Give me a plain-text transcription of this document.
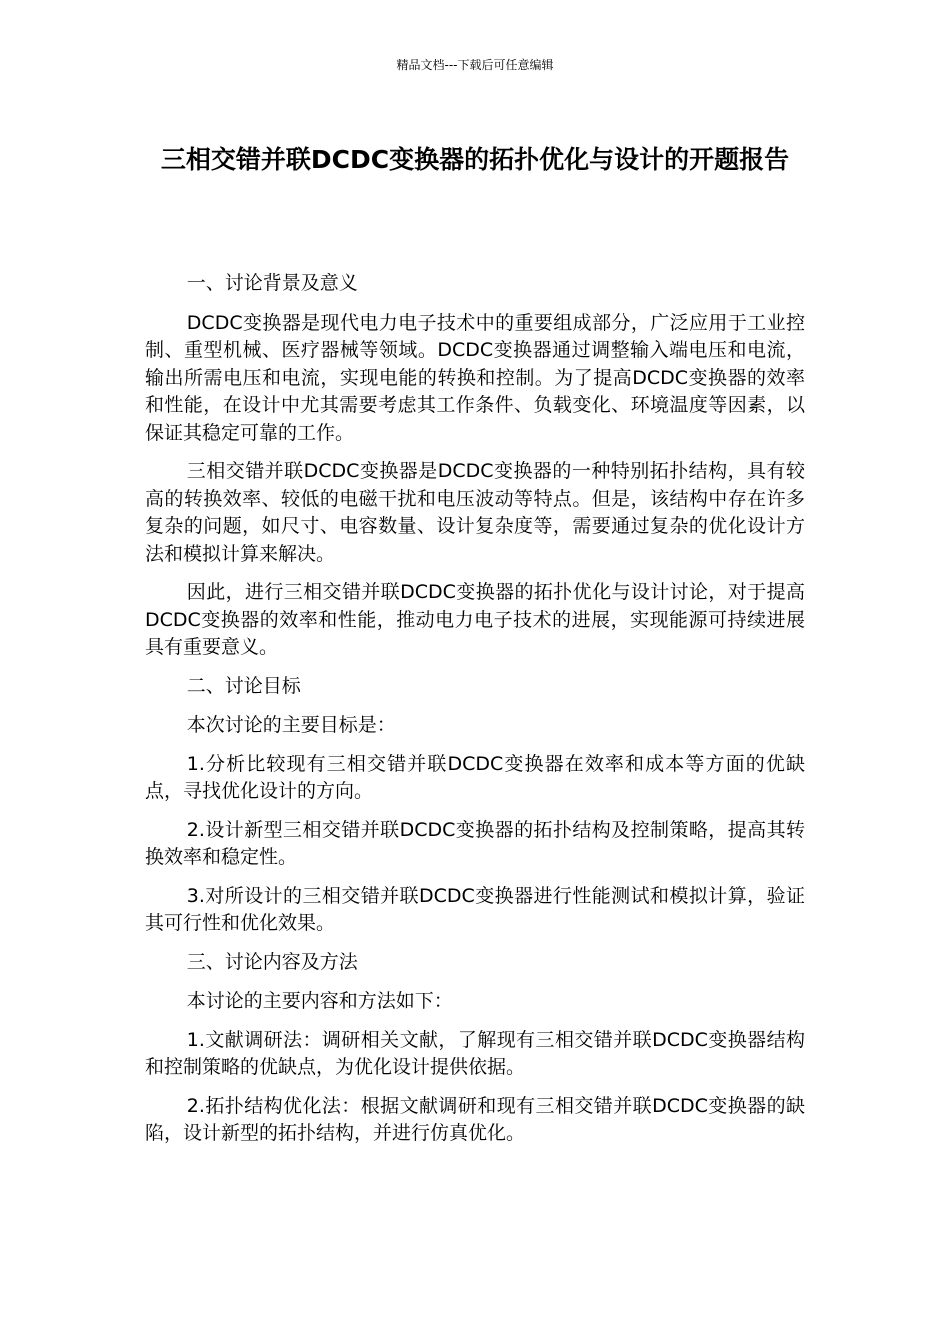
精品文档---下载后可任意编辑
三相交错并联DCDC变换器的拓扑优化与设计的开题报告

一、讨论背景及意义

DCDC变换器是现代电力电子技术中的重要组成部分，广泛应用于工业控制、重型机械、医疗器械等领域。DCDC变换器通过调整输入端电压和电流，输出所需电压和电流，实现电能的转换和控制。为了提高DCDC变换器的效率和性能，在设计中尤其需要考虑其工作条件、负载变化、环境温度等因素，以保证其稳定可靠的工作。

三相交错并联DCDC变换器是DCDC变换器的一种特别拓扑结构，具有较高的转换效率、较低的电磁干扰和电压波动等特点。但是，该结构中存在许多复杂的问题，如尺寸、电容数量、设计复杂度等，需要通过复杂的优化设计方法和模拟计算来解决。

因此，进行三相交错并联DCDC变换器的拓扑优化与设计讨论，对于提高DCDC变换器的效率和性能，推动电力电子技术的进展，实现能源可持续进展具有重要意义。

二、讨论目标

本次讨论的主要目标是：

1.分析比较现有三相交错并联DCDC变换器在效率和成本等方面的优缺点，寻找优化设计的方向。

2.设计新型三相交错并联DCDC变换器的拓扑结构及控制策略，提高其转换效率和稳定性。

3.对所设计的三相交错并联DCDC变换器进行性能测试和模拟计算，验证其可行性和优化效果。

三、讨论内容及方法

本讨论的主要内容和方法如下：

1.文献调研法：调研相关文献，了解现有三相交错并联DCDC变换器结构和控制策略的优缺点，为优化设计提供依据。

2.拓扑结构优化法：根据文献调研和现有三相交错并联DCDC变换器的缺陷，设计新型的拓扑结构，并进行仿真优化。
